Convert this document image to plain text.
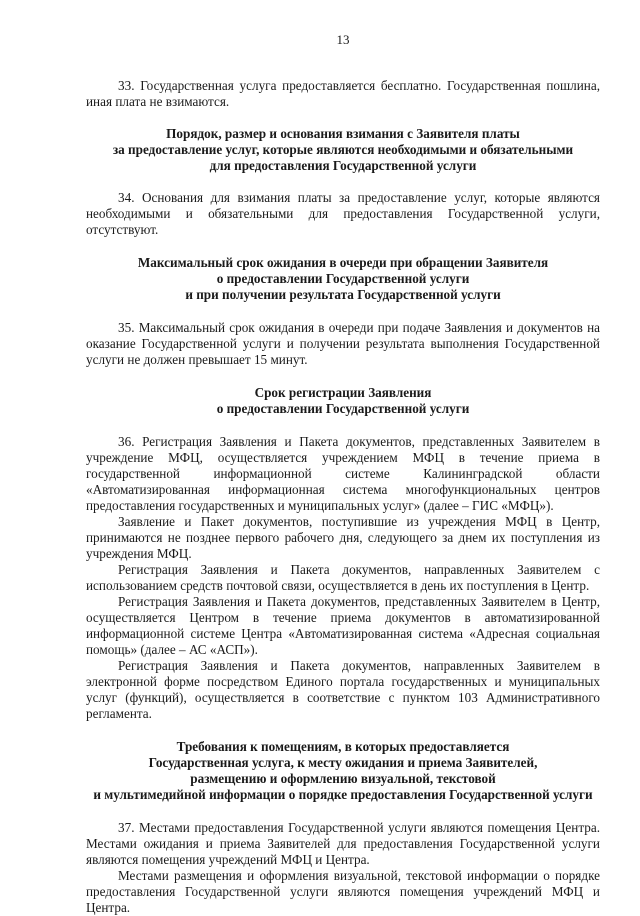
13

33. Государственная услуга предоставляется бесплатно. Государственная пошлина, иная плата не взимаются.

Порядок, размер и основания взимания с Заявителя платы
за предоставление услуг, которые являются необходимыми и обязательными
для предоставления Государственной услуги

34. Основания для взимания платы за предоставление услуг, которые являются необходимыми и обязательными для предоставления Государственной услуги, отсутствуют.

Максимальный срок ожидания в очереди при обращении Заявителя
о предоставлении Государственной услуги
и при получении результата Государственной услуги

35. Максимальный срок ожидания в очереди при подаче Заявления и документов на оказание Государственной услуги и получении результата выполнения Государственной услуги не должен превышает 15 минут.

Срок регистрации Заявления
о предоставлении Государственной услуги

36. Регистрация Заявления и Пакета документов, представленных Заявителем в учреждение МФЦ, осуществляется учреждением МФЦ в течение приема в государственной информационной системе Калининградской области «Автоматизированная информационная система многофункциональных центров предоставления государственных и муниципальных услуг» (далее – ГИС «МФЦ»).

Заявление и Пакет документов, поступившие из учреждения МФЦ в Центр, принимаются не позднее первого рабочего дня, следующего за днем их поступления из учреждения МФЦ.

Регистрация Заявления и Пакета документов, направленных Заявителем с использованием средств почтовой связи, осуществляется в день их поступления в Центр.

Регистрация Заявления и Пакета документов, представленных Заявителем в Центр, осуществляется Центром в течение приема документов в автоматизированной информационной системе Центра «Автоматизированная система «Адресная социальная помощь» (далее – АС «АСП»).

Регистрация Заявления и Пакета документов, направленных Заявителем в электронной форме посредством Единого портала государственных и муниципальных услуг (функций), осуществляется в соответствие с пунктом 103 Административного регламента.

Требования к помещениям, в которых предоставляется
Государственная услуга, к месту ожидания и приема Заявителей,
размещению и оформлению визуальной, текстовой
и мультимедийной информации о порядке предоставления Государственной услуги

37. Местами предоставления Государственной услуги являются помещения Центра. Местами ожидания и приема Заявителей для предоставления Государственной услуги являются помещения учреждений МФЦ и Центра.

Местами размещения и оформления визуальной, текстовой информации о порядке предоставления Государственной услуги являются помещения учреждений МФЦ и Центра.
